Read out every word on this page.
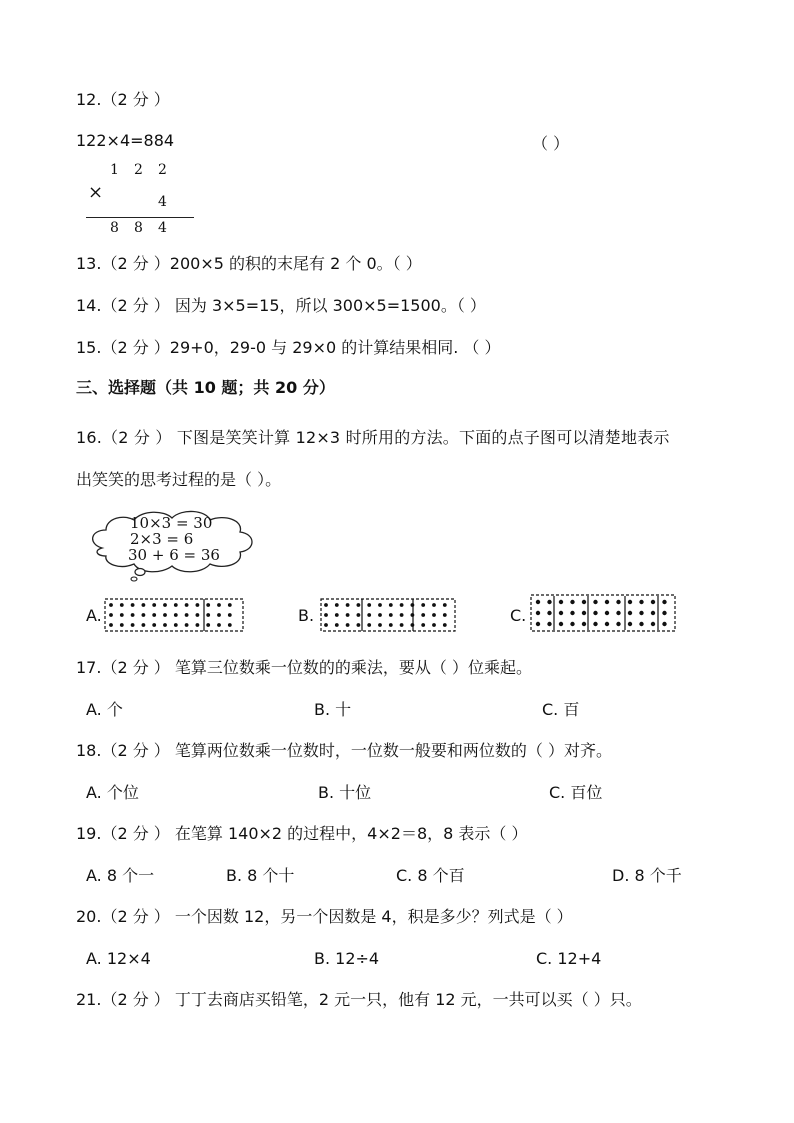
12.（2 分 ）
122×4=884	（ ）
1 2 2
×	4
8 8 4
13.（2 分 ）200×5 的积的末尾有 2 个 0。（ ）
14.（2 分 ） 因为 3×5=15，所以 300×5=1500。（ ）
15.（2 分 ）29+0，29-0 与 29×0 的计算结果相同. （ ）
三、选择题（共 10 题；共 20 分）
16.（2 分 ） 下图是笑笑计算 12×3 时所用的方法。下面的点子图可以清楚地表示
出笑笑的思考过程的是（ ）。
10×3 = 30
2×3 = 6
30 + 6 = 36
A.	B.	C.
17.（2 分 ） 笔算三位数乘一位数的的乘法，要从（ ）位乘起。
A. 个	B. 十	C. 百
18.（2 分 ） 笔算两位数乘一位数时，一位数一般要和两位数的（ ）对齐。
A. 个位	B. 十位	C. 百位
19.（2 分 ） 在笔算 140×2 的过程中，4×2＝8，8 表示（ ）
A. 8 个一	B. 8 个十	C. 8 个百	D. 8 个千
20.（2 分 ） 一个因数 12，另一个因数是 4，积是多少？列式是（ ）
A. 12×4	B. 12÷4	C. 12+4
21.（2 分 ） 丁丁去商店买铅笔，2 元一只，他有 12 元，一共可以买（ ）只。
